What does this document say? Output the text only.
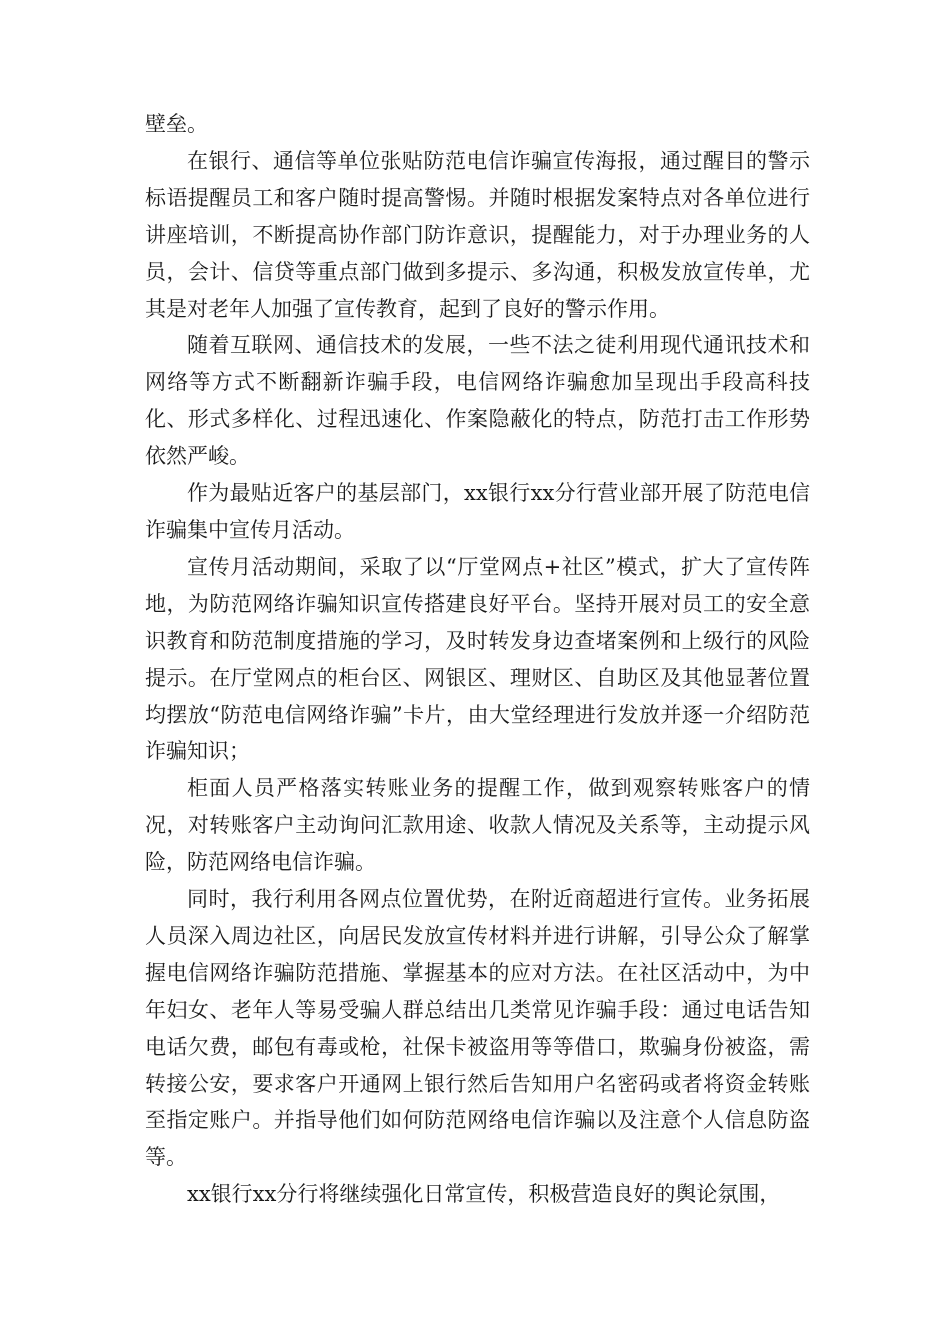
壁垒。

在银行、通信等单位张贴防范电信诈骗宣传海报，通过醒目的警示标语提醒员工和客户随时提高警惕。并随时根据发案特点对各单位进行讲座培训，不断提高协作部门防诈意识，提醒能力，对于办理业务的人员，会计、信贷等重点部门做到多提示、多沟通，积极发放宣传单，尤其是对老年人加强了宣传教育，起到了良好的警示作用。

随着互联网、通信技术的发展，一些不法之徒利用现代通讯技术和网络等方式不断翻新诈骗手段，电信网络诈骗愈加呈现出手段高科技化、形式多样化、过程迅速化、作案隐蔽化的特点，防范打击工作形势依然严峻。

作为最贴近客户的基层部门，xx银行xx分行营业部开展了防范电信诈骗集中宣传月活动。

宣传月活动期间，采取了以“厅堂网点+社区”模式，扩大了宣传阵地，为防范网络诈骗知识宣传搭建良好平台。坚持开展对员工的安全意识教育和防范制度措施的学习，及时转发身边查堵案例和上级行的风险提示。在厅堂网点的柜台区、网银区、理财区、自助区及其他显著位置均摆放“防范电信网络诈骗”卡片，由大堂经理进行发放并逐一介绍防范诈骗知识；

柜面人员严格落实转账业务的提醒工作，做到观察转账客户的情况，对转账客户主动询问汇款用途、收款人情况及关系等，主动提示风险，防范网络电信诈骗。

同时，我行利用各网点位置优势，在附近商超进行宣传。业务拓展人员深入周边社区，向居民发放宣传材料并进行讲解，引导公众了解掌握电信网络诈骗防范措施、掌握基本的应对方法。在社区活动中，为中年妇女、老年人等易受骗人群总结出几类常见诈骗手段：通过电话告知电话欠费，邮包有毒或枪，社保卡被盗用等等借口，欺骗身份被盗，需转接公安，要求客户开通网上银行然后告知用户名密码或者将资金转账至指定账户。并指导他们如何防范网络电信诈骗以及注意个人信息防盗等。

xx银行xx分行将继续强化日常宣传，积极营造良好的舆论氛围，
